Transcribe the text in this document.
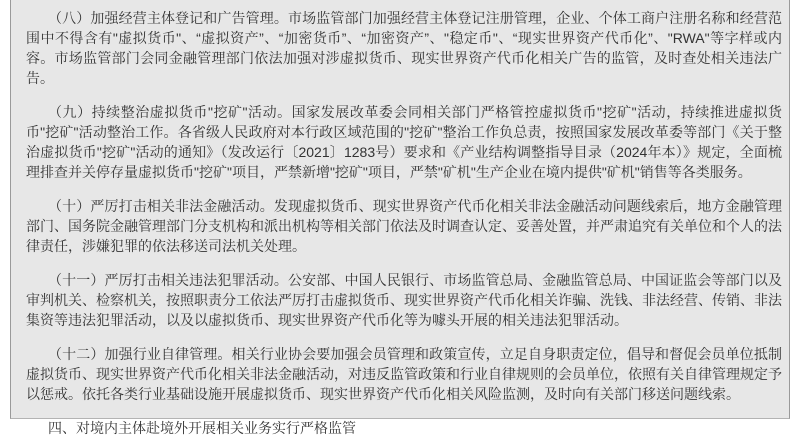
（八）加强经营主体登记和广告管理。市场监管部门加强经营主体登记注册管理，企业、个体工商户注册名称和经营范围中不得含有"虚拟货币"、“虚拟资产”、“加密货币”、“加密资产”、"稳定币"、“现实世界资产代币化”、"RWA"等字样或内容。市场监管部门会同金融管理部门依法加强对涉虚拟货币、现实世界资产代币化相关广告的监管，及时查处相关违法广告。

（九）持续整治虚拟货币"挖矿"活动。国家发展改革委会同相关部门严格管控虚拟货币"挖矿"活动，持续推进虚拟货币"挖矿"活动整治工作。各省级人民政府对本行政区域范围的"挖矿"整治工作负总责，按照国家发展改革委等部门《关于整治虚拟货币"挖矿"活动的通知》（发改运行〔2021〕1283号）要求和《产业结构调整指导目录（2024年本）》规定，全面梳理排查并关停存量虚拟货币"挖矿"项目，严禁新增"挖矿"项目，严禁"矿机"生产企业在境内提供"矿机"销售等各类服务。

（十）严厉打击相关非法金融活动。发现虚拟货币、现实世界资产代币化相关非法金融活动问题线索后，地方金融管理部门、国务院金融管理部门分支机构和派出机构等相关部门依法及时调查认定、妥善处置，并严肃追究有关单位和个人的法律责任，涉嫌犯罪的依法移送司法机关处理。

（十一）严厉打击相关违法犯罪活动。公安部、中国人民银行、市场监管总局、金融监管总局、中国证监会等部门以及审判机关、检察机关，按照职责分工依法严厉打击虚拟货币、现实世界资产代币化相关诈骗、洗钱、非法经营、传销、非法集资等违法犯罪活动，以及以虚拟货币、现实世界资产代币化等为噱头开展的相关违法犯罪活动。

（十二）加强行业自律管理。相关行业协会要加强会员管理和政策宣传，立足自身职责定位，倡导和督促会员单位抵制虚拟货币、现实世界资产代币化相关非法金融活动，对违反监管政策和行业自律规则的会员单位，依照有关自律管理规定予以惩戒。依托各类行业基础设施开展虚拟货币、现实世界资产代币化相关风险监测，及时向有关部门移送问题线索。

四、对境内主体赴境外开展相关业务实行严格监管
